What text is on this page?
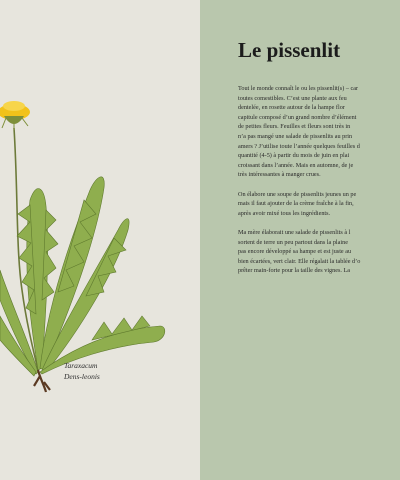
Taraxacum
Dens-leonis
Le pissenlit

Tout le monde connaît le ou les pissenlit(s) – car
toutes comestibles. C’est une plante aux feu
dentelée, en rosette autour de la hampe flor
capitule composé d’un grand nombre d’élément
de petites fleurs. Feuilles et fleurs sont très in
n’a pas mangé une salade de pissenlits au prin
amers ? J’utilise toute l’année quelques feuilles d
quantité (4-5) à partir du mois de juin en plai
croissant dans l’année. Mais en automne, de je
très intéressantes à manger crues.

On élabore une soupe de pissenlits jeunes un pe
mais il faut ajouter de la crème fraîche à la fin,
après avoir mixé tous les ingrédients.

Ma mère élaborait une salade de pissenlits à l
sortent de terre un peu partout dans la plaine
pas encore développé sa hampe et est juste au
bien écartées, vert clair. Elle régalait la tablée d’o
prêter main-forte pour la taille des vignes. La
